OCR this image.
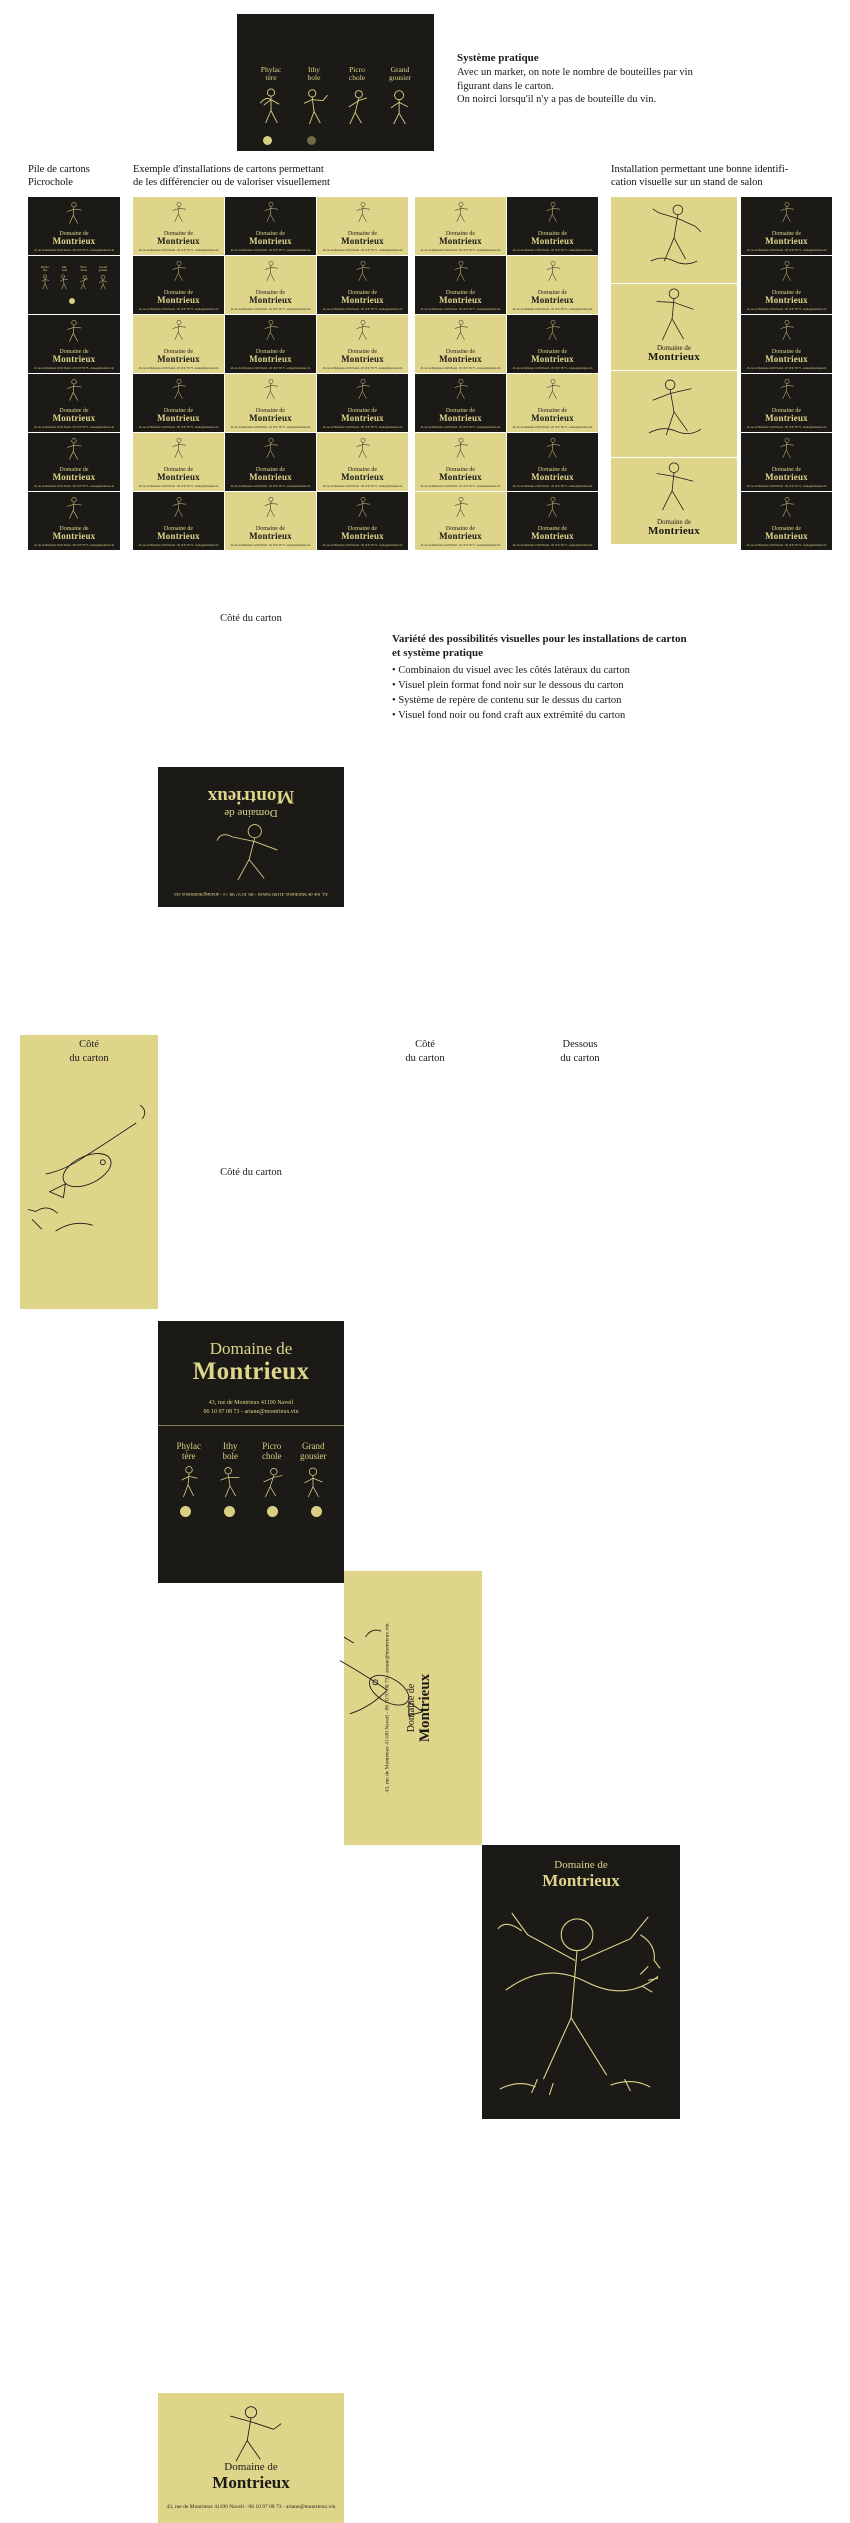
Phylac
tère
Ithy
bole
Picro
chole
Grand
gousier
Système pratique

Avec un marker, on note le nombre de bouteilles par vin

figurant dans le carton.

On noirci lorsqu'il n'y a pas de bouteille du vin.

Pile de cartons
Picrochole
Exemple d'installations de cartons permettant
de les différencier ou de valoriser visuellement
Installation permettant une bonne identifi-
cation visuelle sur un stand de salon
Domaine de
Montrieux
43, rue de Montrieux 41100 Naveil - 06 10 97 08 73 - ariane@montrieux.vin
Phylac
tère
Ithy
bole
Picro
chole
Grand
gousier
Domaine de
Montrieux
43, rue de Montrieux 41100 Naveil - 06 10 97 08 73 - ariane@montrieux.vin
Domaine de
Montrieux
43, rue de Montrieux 41100 Naveil - 06 10 97 08 73 - ariane@montrieux.vin
Domaine de
Montrieux
43, rue de Montrieux 41100 Naveil - 06 10 97 08 73 - ariane@montrieux.vin
Domaine de
Montrieux
43, rue de Montrieux 41100 Naveil - 06 10 97 08 73 - ariane@montrieux.vin
Domaine de
Montrieux
43, rue de Montrieux 41100 Naveil - 06 10 97 08 73 - ariane@montrieux.vin
Domaine de
Montrieux
43, rue de Montrieux 41100 Naveil - 06 10 97 08 73 - ariane@montrieux.vin
Domaine de
Montrieux
43, rue de Montrieux 41100 Naveil - 06 10 97 08 73 - ariane@montrieux.vin
Domaine de
Montrieux
43, rue de Montrieux 41100 Naveil - 06 10 97 08 73 - ariane@montrieux.vin
Domaine de
Montrieux
43, rue de Montrieux 41100 Naveil - 06 10 97 08 73 - ariane@montrieux.vin
Domaine de
Montrieux
43, rue de Montrieux 41100 Naveil - 06 10 97 08 73 - ariane@montrieux.vin
Domaine de
Montrieux
43, rue de Montrieux 41100 Naveil - 06 10 97 08 73 - ariane@montrieux.vin
Domaine de
Montrieux
43, rue de Montrieux 41100 Naveil - 06 10 97 08 73 - ariane@montrieux.vin
Domaine de
Montrieux
43, rue de Montrieux 41100 Naveil - 06 10 97 08 73 - ariane@montrieux.vin
Domaine de
Montrieux
43, rue de Montrieux 41100 Naveil - 06 10 97 08 73 - ariane@montrieux.vin
Domaine de
Montrieux
43, rue de Montrieux 41100 Naveil - 06 10 97 08 73 - ariane@montrieux.vin
Domaine de
Montrieux
43, rue de Montrieux 41100 Naveil - 06 10 97 08 73 - ariane@montrieux.vin
Domaine de
Montrieux
43, rue de Montrieux 41100 Naveil - 06 10 97 08 73 - ariane@montrieux.vin
Domaine de
Montrieux
43, rue de Montrieux 41100 Naveil - 06 10 97 08 73 - ariane@montrieux.vin
Domaine de
Montrieux
43, rue de Montrieux 41100 Naveil - 06 10 97 08 73 - ariane@montrieux.vin
Domaine de
Montrieux
43, rue de Montrieux 41100 Naveil - 06 10 97 08 73 - ariane@montrieux.vin
Domaine de
Montrieux
43, rue de Montrieux 41100 Naveil - 06 10 97 08 73 - ariane@montrieux.vin
Domaine de
Montrieux
43, rue de Montrieux 41100 Naveil - 06 10 97 08 73 - ariane@montrieux.vin
Domaine de
Montrieux
43, rue de Montrieux 41100 Naveil - 06 10 97 08 73 - ariane@montrieux.vin
Domaine de
Montrieux
43, rue de Montrieux 41100 Naveil - 06 10 97 08 73 - ariane@montrieux.vin
Domaine de
Montrieux
43, rue de Montrieux 41100 Naveil - 06 10 97 08 73 - ariane@montrieux.vin
Domaine de
Montrieux
43, rue de Montrieux 41100 Naveil - 06 10 97 08 73 - ariane@montrieux.vin
Domaine de
Montrieux
43, rue de Montrieux 41100 Naveil - 06 10 97 08 73 - ariane@montrieux.vin
Domaine de
Montrieux
43, rue de Montrieux 41100 Naveil - 06 10 97 08 73 - ariane@montrieux.vin
Domaine de
Montrieux
43, rue de Montrieux 41100 Naveil - 06 10 97 08 73 - ariane@montrieux.vin
Domaine de
Montrieux
43, rue de Montrieux 41100 Naveil - 06 10 97 08 73 - ariane@montrieux.vin
Domaine de
Montrieux
43, rue de Montrieux 41100 Naveil - 06 10 97 08 73 - ariane@montrieux.vin
Domaine de
Montrieux
43, rue de Montrieux 41100 Naveil - 06 10 97 08 73 - ariane@montrieux.vin
Domaine de
Montrieux
43, rue de Montrieux 41100 Naveil - 06 10 97 08 73 - ariane@montrieux.vin
Domaine de
Montrieux
43, rue de Montrieux 41100 Naveil - 06 10 97 08 73 - ariane@montrieux.vin
Domaine de
Montrieux
Domaine de
Montrieux
Domaine de
Montrieux
43, rue de Montrieux 41100 Naveil - 06 10 97 08 73 - ariane@montrieux.vin
Domaine de
Montrieux
43, rue de Montrieux 41100 Naveil - 06 10 97 08 73 - ariane@montrieux.vin
Domaine de
Montrieux
43, rue de Montrieux 41100 Naveil - 06 10 97 08 73 - ariane@montrieux.vin
Domaine de
Montrieux
43, rue de Montrieux 41100 Naveil - 06 10 97 08 73 - ariane@montrieux.vin
Domaine de
Montrieux
43, rue de Montrieux 41100 Naveil - 06 10 97 08 73 - ariane@montrieux.vin
Domaine de
Montrieux
43, rue de Montrieux 41100 Naveil - 06 10 97 08 73 - ariane@montrieux.vin
Côté du carton
Variété des possibilités visuelles pour les installations de carton
et système pratique
• Combinaion du visuel avec les côtés latéraux du carton
• Visuel plein format fond noir sur le dessous du carton
• Système de repère de contenu sur le dessus du carton
• Visuel fond noir ou fond craft aux extrémité du carton
Domaine de
Montrieux
43, rue de Montrieux 41100 Naveil - 06 10 97 08 73 - ariane@montrieux.vin
Domaine de
Montrieux
43, rue de Montrieux 41100 Naveil
06 10 97 08 73 - ariane@montrieux.vin
Phylac
tère
Ithy
bole
Picro
chole
Grand
gousier
Domaine de Montrieux
43, rue de Montrieux 41100 Naveil - 06 10 97 08 73 - ariane@montrieux.vin
Domaine de
Montrieux
Domaine de
Montrieux
43, rue de Montrieux 41100 Naveil - 06 10 97 08 73 - ariane@montrieux.vin
Côté
du carton
Côté
du carton
Dessous
du carton
Côté du carton
